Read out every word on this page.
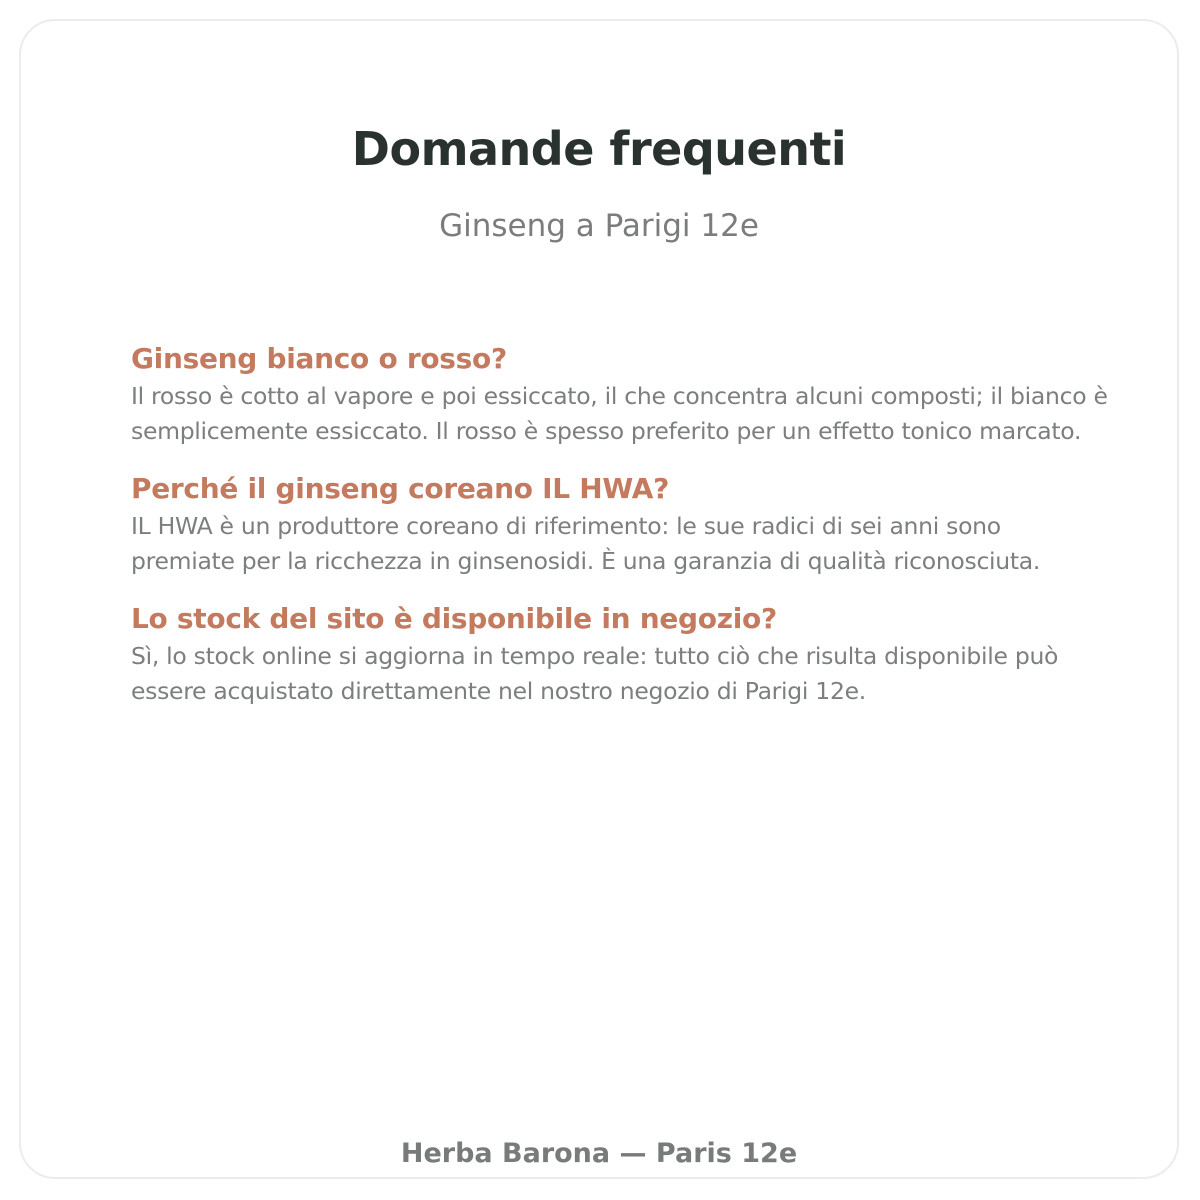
Domande frequenti

Ginseng a Parigi 12e

Ginseng bianco o rosso?

Il rosso è cotto al vapore e poi essiccato, il che concentra alcuni composti; il bianco è semplicemente essiccato. Il rosso è spesso preferito per un effetto tonico marcato.

Perché il ginseng coreano IL HWA?

IL HWA è un produttore coreano di riferimento: le sue radici di sei anni sono premiate per la ricchezza in ginsenosidi. È una garanzia di qualità riconosciuta.

Lo stock del sito è disponibile in negozio?

Sì, lo stock online si aggiorna in tempo reale: tutto ciò che risulta disponibile può essere acquistato direttamente nel nostro negozio di Parigi 12e.

Herba Barona — Paris 12e
